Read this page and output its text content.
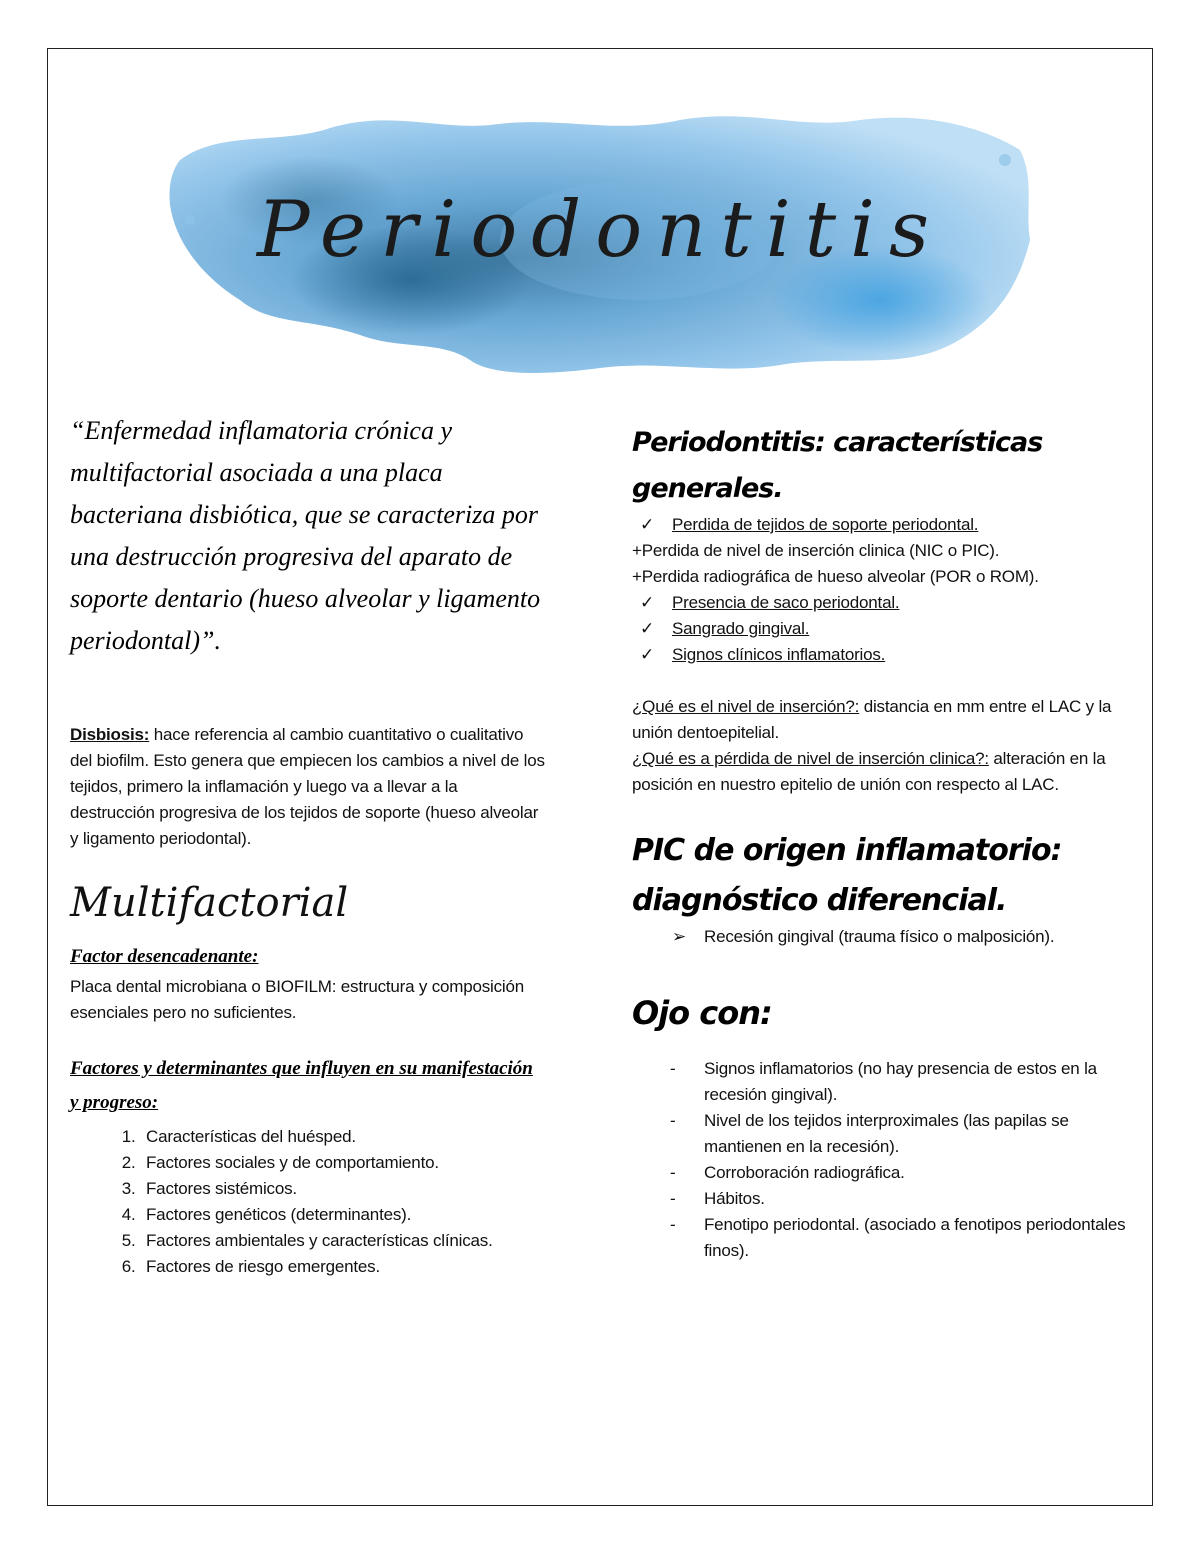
Periodontitis

“Enfermedad inflamatoria crónica y multifactorial asociada a una placa bacteriana disbiótica, que se caracteriza por una destrucción progresiva del aparato de soporte dentario (hueso alveolar y ligamento periodontal)”.

Disbiosis: hace referencia al cambio cuantitativo o cualitativo del biofilm. Esto genera que empiecen los cambios a nivel de los tejidos, primero la inflamación y luego va a llevar a la destrucción progresiva de los tejidos de soporte (hueso alveolar y ligamento periodontal).
Multifactorial
Factor desencadenante:
Placa dental microbiana o BIOFILM: estructura y composición esenciales pero no suficientes.
Factores y determinantes que influyen en su manifestación y progreso:
1. Características del huésped.
2. Factores sociales y de comportamiento.
3. Factores sistémicos.
4. Factores genéticos (determinantes).
5. Factores ambientales y características clínicas.
6. Factores de riesgo emergentes.
Periodontitis: características generales.
✓ Perdida de tejidos de soporte periodontal.
+Perdida de nivel de inserción clinica (NIC o PIC).
+Perdida radiográfica de hueso alveolar (POR o ROM).
✓ Presencia de saco periodontal.
✓ Sangrado gingival.
✓ Signos clínicos inflamatorios.
¿Qué es el nivel de inserción?: distancia en mm entre el LAC y la unión dentoepitelial.
¿Qué es a pérdida de nivel de inserción clinica?: alteración en la posición en nuestro epitelio de unión con respecto al LAC.
PIC de origen inflamatorio:
diagnóstico diferencial.
➢ Recesión gingival (trauma físico o malposición).
Ojo con:
- Signos inflamatorios (no hay presencia de estos en la recesión gingival).
- Nivel de los tejidos interproximales (las papilas se mantienen en la recesión).
- Corroboración radiográfica.
- Hábitos.
- Fenotipo periodontal. (asociado a fenotipos periodontales finos).
